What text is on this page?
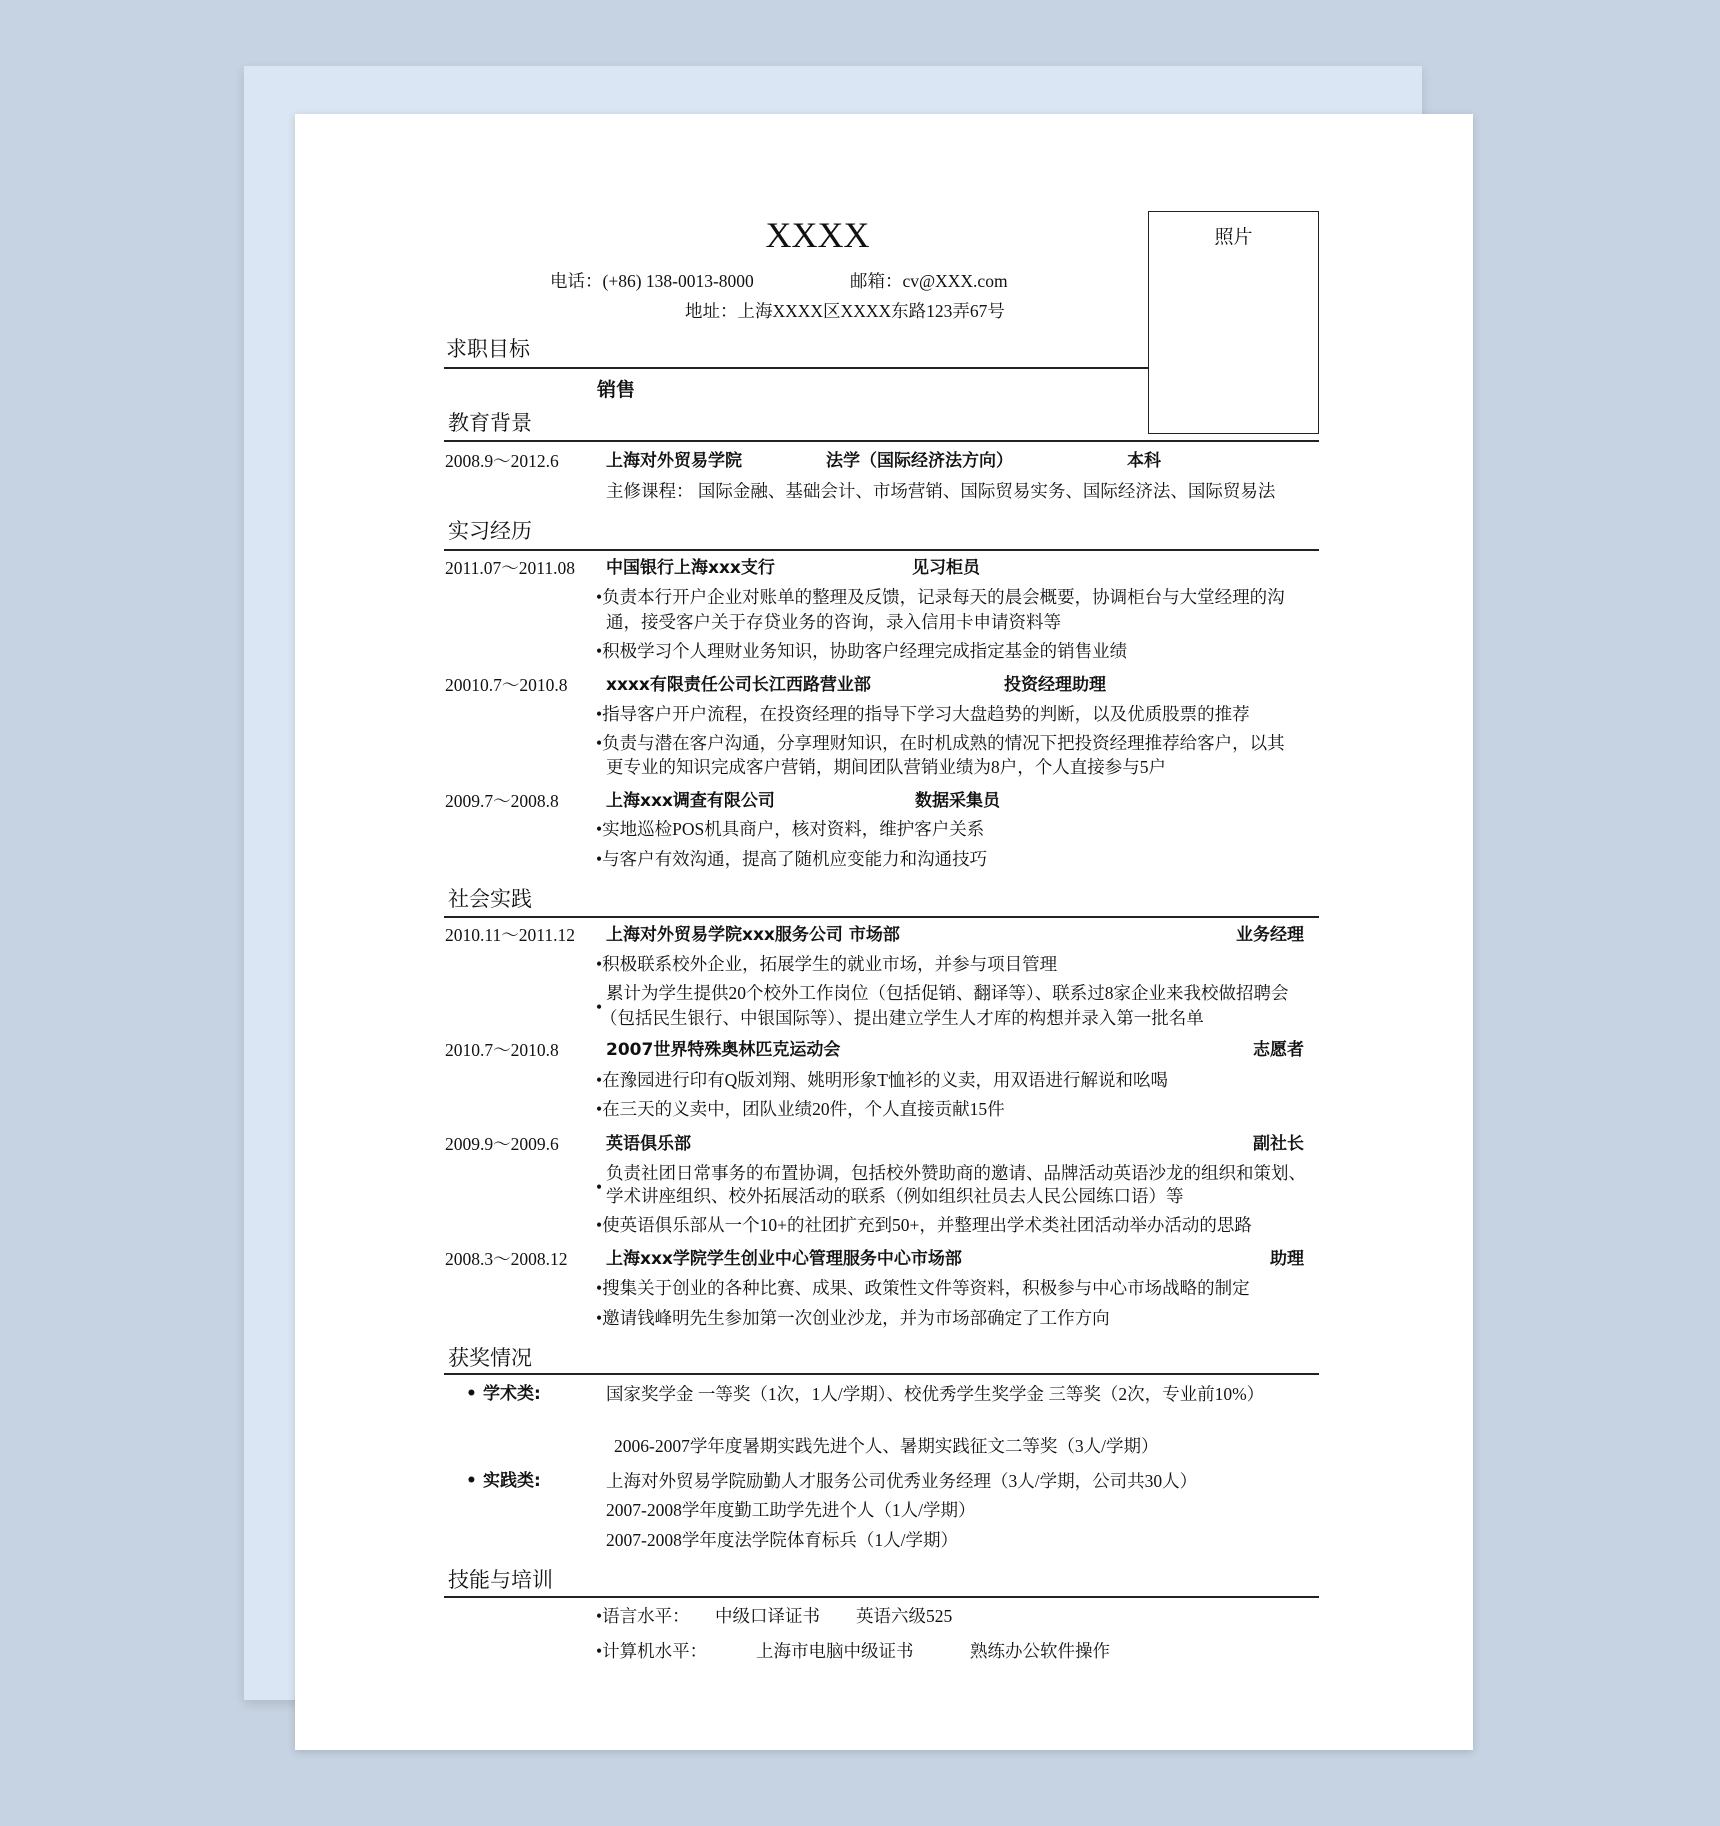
XXXX	照片
电话：(+86) 138-0013-8000	邮箱：cv@XXX.com
地址：上海XXXX区XXXX东路123弄67号
求职目标
销售
教育背景
2008.9～2012.6	上海对外贸易学院	法学（国际经济法方向）	本科
主修课程： 国际金融、基础会计、市场营销、国际贸易实务、国际经济法、国际贸易法
实习经历
2011.07～2011.08 中国银行上海xxx支行	见习柜员
•负责本行开户企业对账单的整理及反馈，记录每天的晨会概要，协调柜台与大堂经理的沟
通，接受客户关于存贷业务的咨询，录入信用卡申请资料等
•积极学习个人理财业务知识，协助客户经理完成指定基金的销售业绩
20010.7～2010.8 xxxx有限责任公司长江西路营业部	投资经理助理
•指导客户开户流程，在投资经理的指导下学习大盘趋势的判断，以及优质股票的推荐
•负责与潜在客户沟通，分享理财知识，在时机成熟的情况下把投资经理推荐给客户，以其
更专业的知识完成客户营销，期间团队营销业绩为8户，个人直接参与5户
2009.7～2008.8	上海xxx调查有限公司	数据采集员
•实地巡检POS机具商户，核对资料，维护客户关系
•与客户有效沟通，提高了随机应变能力和沟通技巧
社会实践
2010.11～2011.12 上海对外贸易学院xxx服务公司 市场部	业务经理
•积极联系校外企业，拓展学生的就业市场，并参与项目管理
•
累计为学生提供20个校外工作岗位（包括促销、翻译等）、联系过8家企业来我校做招聘会
（包括民生银行、中银国际等）、提出建立学生人才库的构想并录入第一批名单
2010.7～2010.8	2007世界特殊奥林匹克运动会	志愿者
•在豫园进行印有Q版刘翔、姚明形象T恤衫的义卖，用双语进行解说和吆喝
•在三天的义卖中，团队业绩20件，个人直接贡献15件
2009.9～2009.6	英语俱乐部	副社长
•
负责社团日常事务的布置协调，包括校外赞助商的邀请、品牌活动英语沙龙的组织和策划、
学术讲座组织、校外拓展活动的联系（例如组织社员去人民公园练口语）等
•使英语俱乐部从一个10+的社团扩充到50+，并整理出学术类社团活动举办活动的思路
2008.3～2008.12 上海xxx学院学生创业中心管理服务中心市场部	助理
•搜集关于创业的各种比赛、成果、政策性文件等资料，积极参与中心市场战略的制定
•邀请钱峰明先生参加第一次创业沙龙，并为市场部确定了工作方向
获奖情况
• 学术类:	国家奖学金 一等奖（1次，1人/学期）、校优秀学生奖学金 三等奖（2次，专业前10%）
2006-2007学年度暑期实践先进个人、暑期实践征文二等奖（3人/学期）
• 实践类:	上海对外贸易学院励勤人才服务公司优秀业务经理（3人/学期，公司共30人）
2007-2008学年度勤工助学先进个人（1人/学期）
2007-2008学年度法学院体育标兵（1人/学期）
技能与培训
•语言水平： 中级口译证书 英语六级525
•计算机水平：	上海市电脑中级证书	熟练办公软件操作
